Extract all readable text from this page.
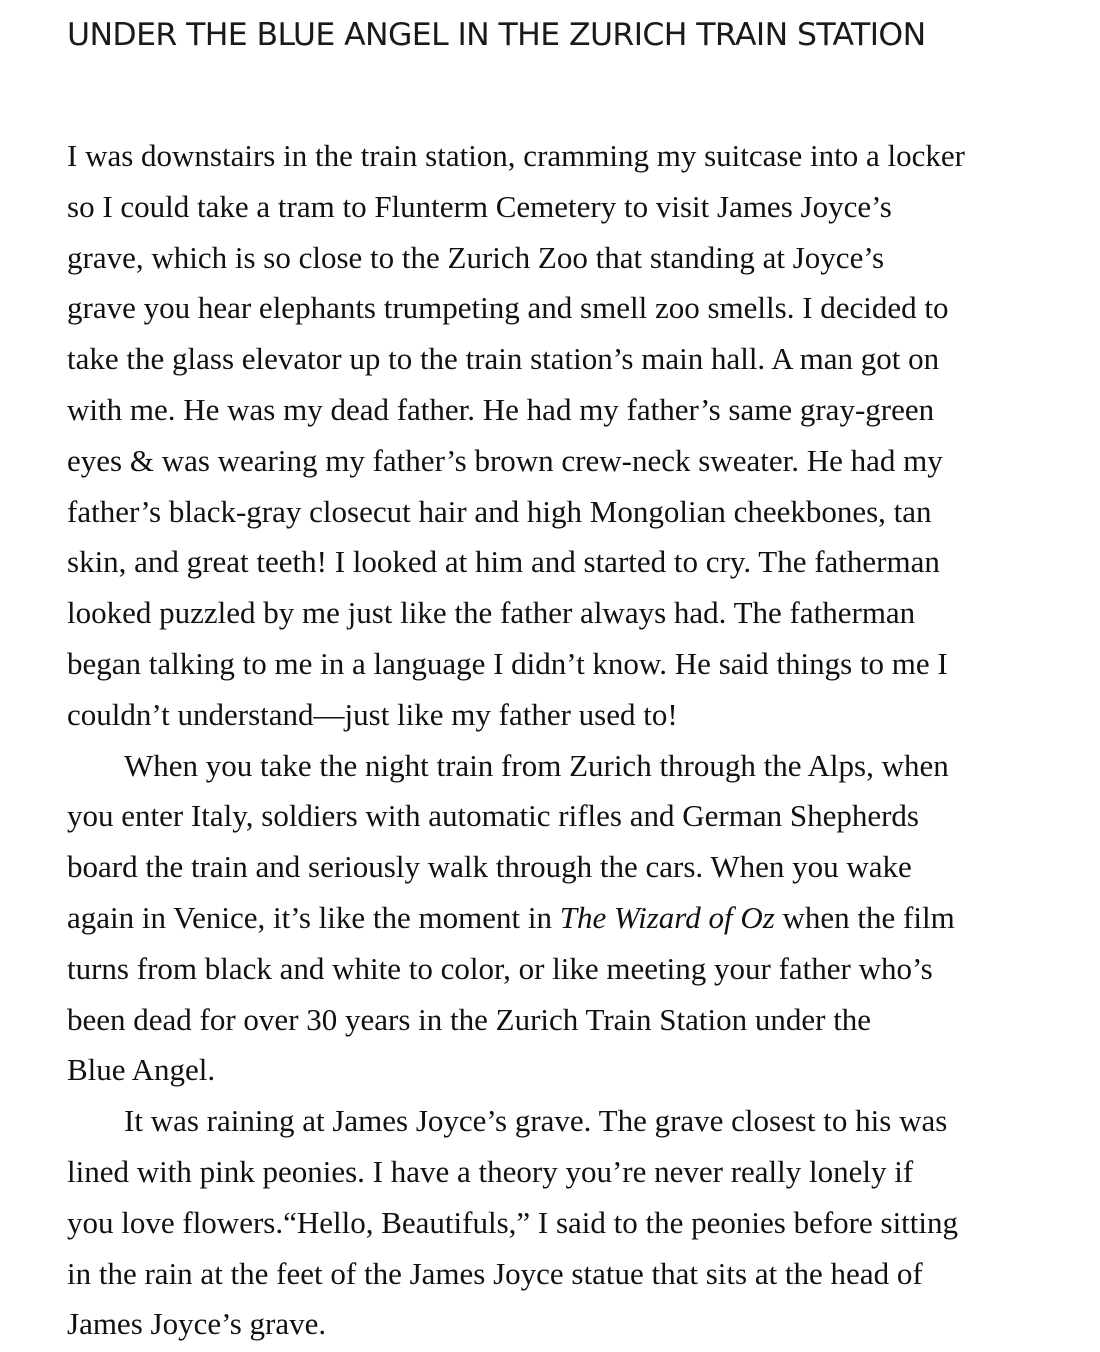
UNDER THE BLUE ANGEL IN THE ZURICH TRAIN STATION
I was downstairs in the train station, cramming my suitcase into a locker
so I could take a tram to Flunterm Cemetery to visit James Joyce’s
grave, which is so close to the Zurich Zoo that standing at Joyce’s
grave you hear elephants trumpeting and smell zoo smells. I decided to
take the glass elevator up to the train station’s main hall. A man got on
with me. He was my dead father. He had my father’s same gray-green
eyes & was wearing my father’s brown crew-neck sweater. He had my
father’s black-gray closecut hair and high Mongolian cheekbones, tan
skin, and great teeth! I looked at him and started to cry. The fatherman
looked puzzled by me just like the father always had. The fatherman
began talking to me in a language I didn’t know. He said things to me I
couldn’t understand—just like my father used to!
When you take the night train from Zurich through the Alps, when
you enter Italy, soldiers with automatic rifles and German Shepherds
board the train and seriously walk through the cars. When you wake
again in Venice, it’s like the moment in The Wizard of Oz when the film
turns from black and white to color, or like meeting your father who’s
been dead for over 30 years in the Zurich Train Station under the
Blue Angel.
It was raining at James Joyce’s grave. The grave closest to his was
lined with pink peonies. I have a theory you’re never really lonely if
you love flowers.“Hello, Beautifuls,” I said to the peonies before sitting
in the rain at the feet of the James Joyce statue that sits at the head of
James Joyce’s grave.
